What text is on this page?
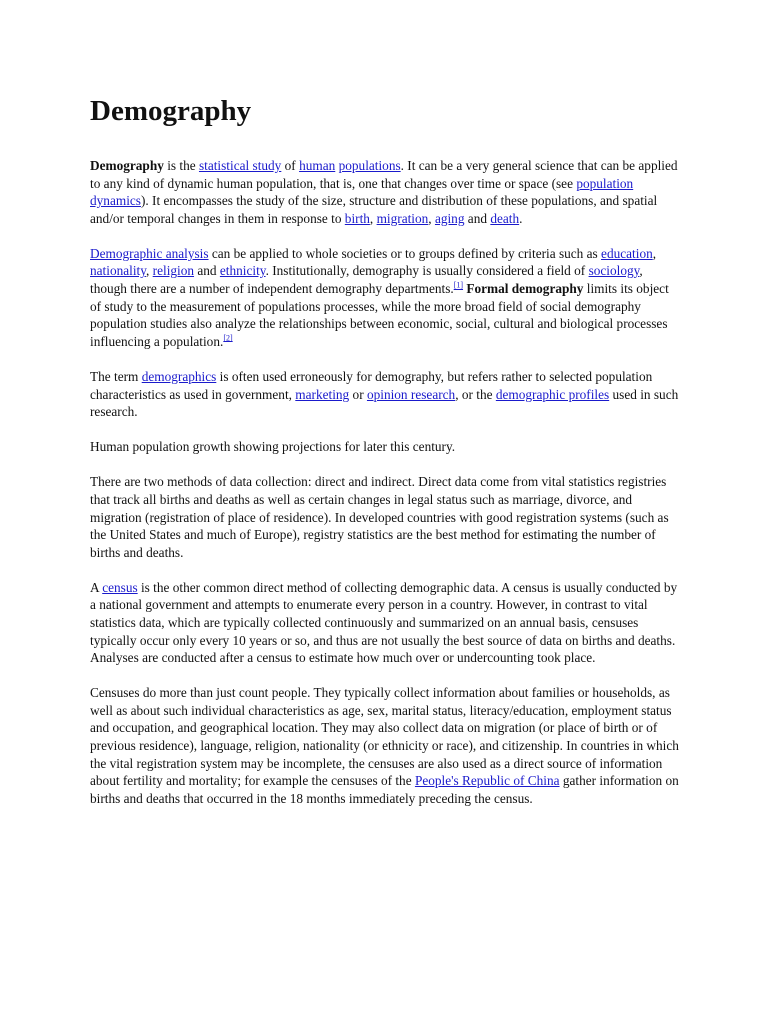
Demography

Demography is the statistical study of human populations. It can be a very general science that can be applied to any kind of dynamic human population, that is, one that changes over time or space (see population dynamics). It encompasses the study of the size, structure and distribution of these populations, and spatial and/or temporal changes in them in response to birth, migration, aging and death.

Demographic analysis can be applied to whole societies or to groups defined by criteria such as education, nationality, religion and ethnicity. Institutionally, demography is usually considered a field of sociology, though there are a number of independent demography departments.[1] Formal demography limits its object of study to the measurement of populations processes, while the more broad field of social demography population studies also analyze the relationships between economic, social, cultural and biological processes influencing a population.[2]

The term demographics is often used erroneously for demography, but refers rather to selected population characteristics as used in government, marketing or opinion research, or the demographic profiles used in such research.

Human population growth showing projections for later this century.

There are two methods of data collection: direct and indirect. Direct data come from vital statistics registries that track all births and deaths as well as certain changes in legal status such as marriage, divorce, and migration (registration of place of residence). In developed countries with good registration systems (such as the United States and much of Europe), registry statistics are the best method for estimating the number of births and deaths.

A census is the other common direct method of collecting demographic data. A census is usually conducted by a national government and attempts to enumerate every person in a country. However, in contrast to vital statistics data, which are typically collected continuously and summarized on an annual basis, censuses typically occur only every 10 years or so, and thus are not usually the best source of data on births and deaths. Analyses are conducted after a census to estimate how much over or undercounting took place.

Censuses do more than just count people. They typically collect information about families or households, as well as about such individual characteristics as age, sex, marital status, literacy/education, employment status and occupation, and geographical location. They may also collect data on migration (or place of birth or of previous residence), language, religion, nationality (or ethnicity or race), and citizenship. In countries in which the vital registration system may be incomplete, the censuses are also used as a direct source of information about fertility and mortality; for example the censuses of the People's Republic of China gather information on births and deaths that occurred in the 18 months immediately preceding the census.
